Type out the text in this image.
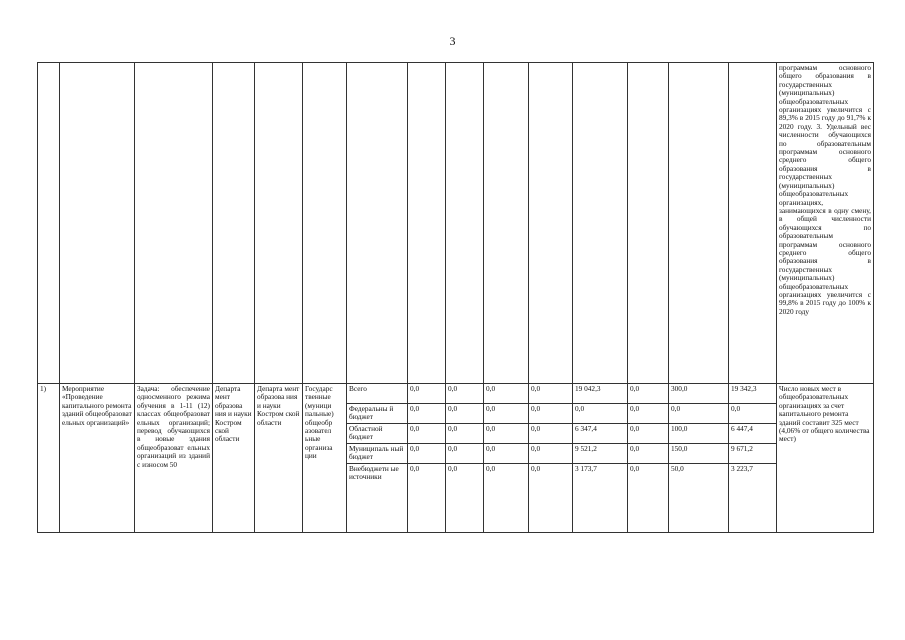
3
															программам основного общего образования в государственных (муниципальных) общеобразовательных организациях увеличится с 89,3% в 2015 году до 91,7% к 2020 году. 3. Удельный вес численности обучающихся по образовательным программам основного среднего общего образования в государственных (муниципальных) общеобразовательных организациях, занимающихся в одну смену, в общей численности обучающихся по образовательным программам основного среднего общего образования в государственных (муниципальных) общеобразовательных организациях увеличится с 99,8% в 2015 году до 100% к 2020 году
1)	Мероприятие «Проведение капитального ремонта зданий общеобразоват ельных организаций»	Задача: обеспечение односменного режима обучения в 1-11 (12) классах общеобразоват ельных организаций; перевод обучающихся в новые здания общеобразоват ельных организаций из зданий с износом 50	Департа мент образова ния и науки Костром ской области	Департа мент образова ния и науки Костром ской области	Государс твенные (муници пальные) общеобр азовател ьные организа ции	Всего	0,0	0,0	0,0	0,0	19 042,3	0,0	300,0	19 342,3	Число новых мест в общеобразовательных организациях за счет капитального ремонта зданий составит 325 мест (4,06% от общего количества мест)
						Федеральны й бюджет	0,0	0,0	0,0	0,0	0,0	0,0	0,0	0,0	
						Областной бюджет	0,0	0,0	0,0	0,0	6 347,4	0,0	100,0	6 447,4	
						Муниципаль ный бюджет	0,0	0,0	0,0	0,0	9 521,2	0,0	150,0	9 671,2	
						Внебюджетн ые источники	0,0	0,0	0,0	0,0	3 173,7	0,0	50,0	3 223,7	
